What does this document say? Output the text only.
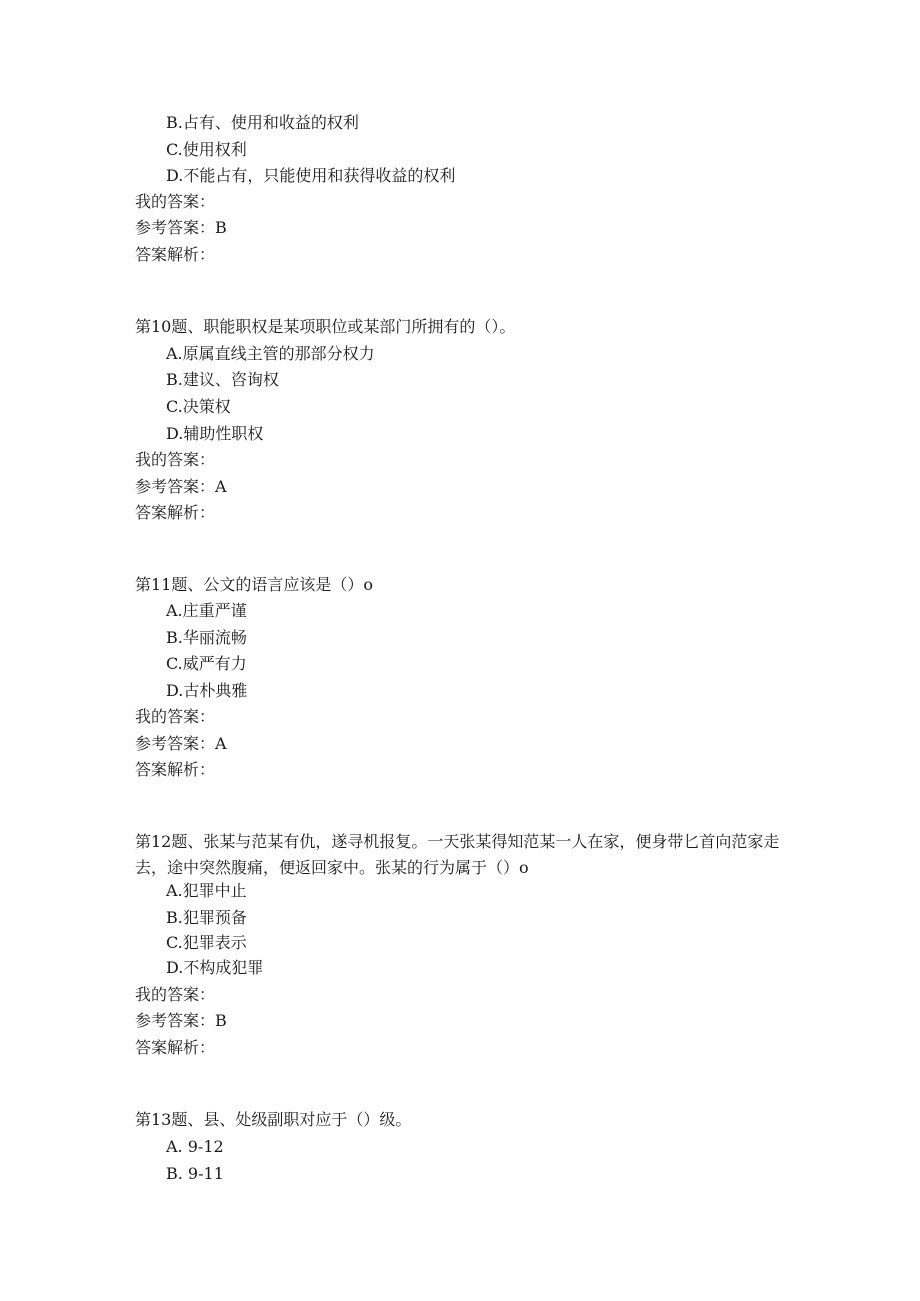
B.占有、使用和收益的权利
C.使用权利
D.不能占有，只能使用和获得收益的权利
我的答案：
参考答案：B
答案解析：
第10题、职能职权是某项职位或某部门所拥有的（）。
A.原属直线主管的那部分权力
B.建议、咨询权
C.决策权
D.辅助性职权
我的答案：
参考答案：A
答案解析：
第11题、公文的语言应该是（）o
A.庄重严谨
B.华丽流畅
C.威严有力
D.古朴典雅
我的答案：
参考答案：A
答案解析：
第12题、张某与范某有仇，遂寻机报复。一天张某得知范某一人在家，便身带匕首向范家走去，途中突然腹痛，便返回家中。张某的行为属于（）o
A.犯罪中止
B.犯罪预备
C.犯罪表示
D.不构成犯罪
我的答案：
参考答案：B
答案解析：
第13题、县、处级副职对应于（）级。
A. 9-12
B. 9-11
